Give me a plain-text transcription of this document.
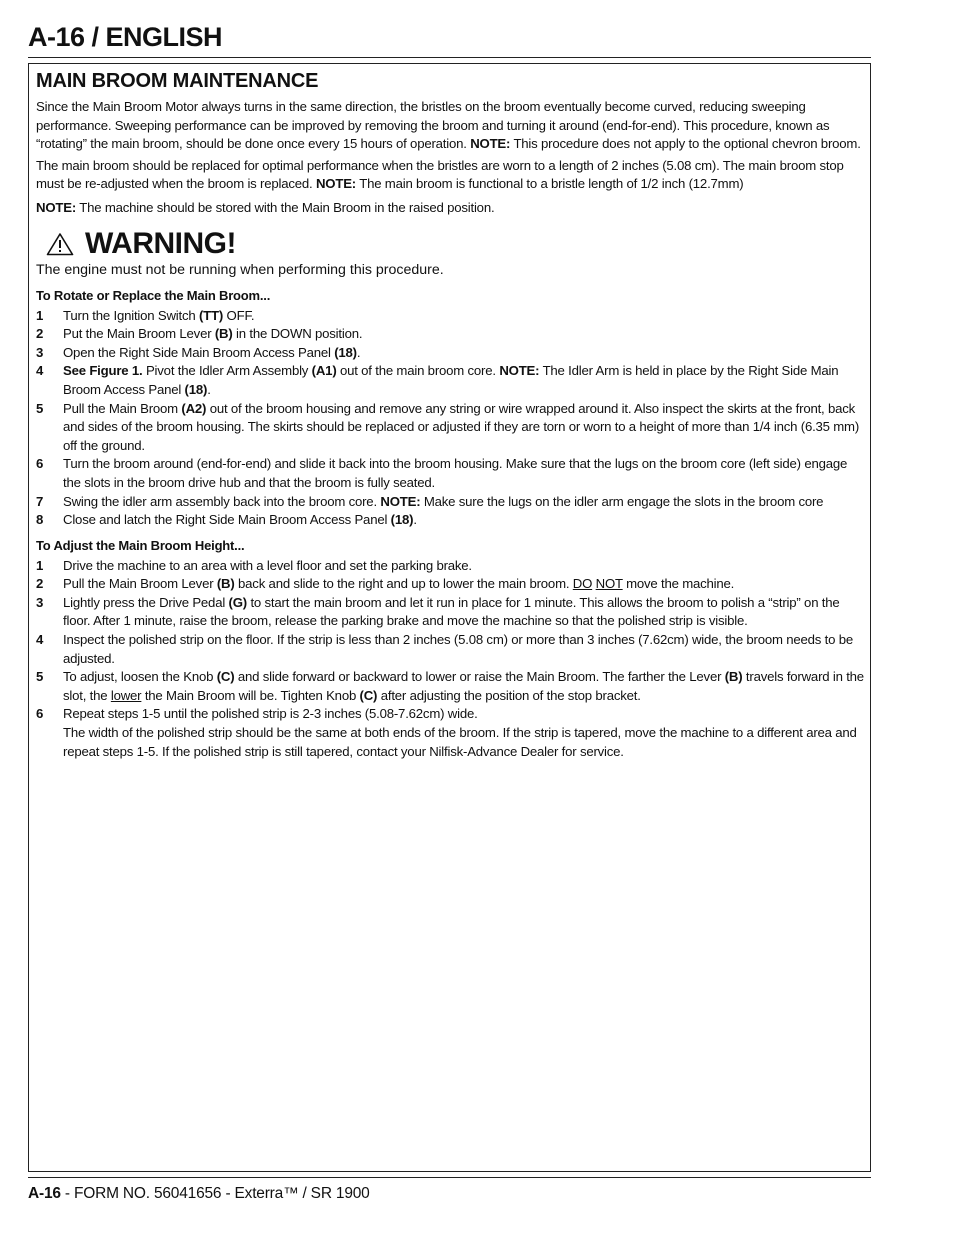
A-16 / ENGLISH
MAIN BROOM MAINTENANCE

Since the Main Broom Motor always turns in the same direction, the bristles on the broom eventually become curved, reducing sweeping performance. Sweeping performance can be improved by removing the broom and turning it around (end-for-end). This procedure, known as “rotating” the main broom, should be done once every 15 hours of operation. NOTE: This procedure does not apply to the optional chevron broom.

The main broom should be replaced for optimal performance when the bristles are worn to a length of 2 inches (5.08 cm). The main broom stop must be re-adjusted when the broom is replaced. NOTE: The main broom is functional to a bristle length of 1/2 inch (12.7mm)

NOTE: The machine should be stored with the Main Broom in the raised position.

WARNING!
The engine must not be running when performing this procedure.
To Rotate or Replace the Main Broom...
1	Turn the Ignition Switch (TT) OFF.
2	Put the Main Broom Lever (B) in the DOWN position.
3	Open the Right Side Main Broom Access Panel (18).
4	See Figure 1. Pivot the Idler Arm Assembly (A1) out of the main broom core. NOTE: The Idler Arm is held in place by the Right Side Main Broom Access Panel (18).
5	Pull the Main Broom (A2) out of the broom housing and remove any string or wire wrapped around it. Also inspect the skirts at the front, back and sides of the broom housing. The skirts should be replaced or adjusted if they are torn or worn to a height of more than 1/4 inch (6.35 mm) off the ground.
6	Turn the broom around (end-for-end) and slide it back into the broom housing. Make sure that the lugs on the broom core (left side) engage the slots in the broom drive hub and that the broom is fully seated.
7	Swing the idler arm assembly back into the broom core. NOTE: Make sure the lugs on the idler arm engage the slots in the broom core
8	Close and latch the Right Side Main Broom Access Panel (18).
To Adjust the Main Broom Height...
1	Drive the machine to an area with a level floor and set the parking brake.
2	Pull the Main Broom Lever (B) back and slide to the right and up to lower the main broom. DO NOT move the machine.
3	Lightly press the Drive Pedal (G) to start the main broom and let it run in place for 1 minute. This allows the broom to polish a “strip” on the floor. After 1 minute, raise the broom, release the parking brake and move the machine so that the polished strip is visible.
4	Inspect the polished strip on the floor. If the strip is less than 2 inches (5.08 cm) or more than 3 inches (7.62cm) wide, the broom needs to be adjusted.
5	To adjust, loosen the Knob (C) and slide forward or backward to lower or raise the Main Broom. The farther the Lever (B) travels forward in the slot, the lower the Main Broom will be. Tighten Knob (C) after adjusting the position of the stop bracket.
6	Repeat steps 1-5 until the polished strip is 2-3 inches (5.08-7.62cm) wide.
The width of the polished strip should be the same at both ends of the broom. If the strip is tapered, move the machine to a different area and repeat steps 1-5. If the polished strip is still tapered, contact your Nilfisk-Advance Dealer for service.
A-16 - FORM NO. 56041656 - Exterra™ / SR 1900
